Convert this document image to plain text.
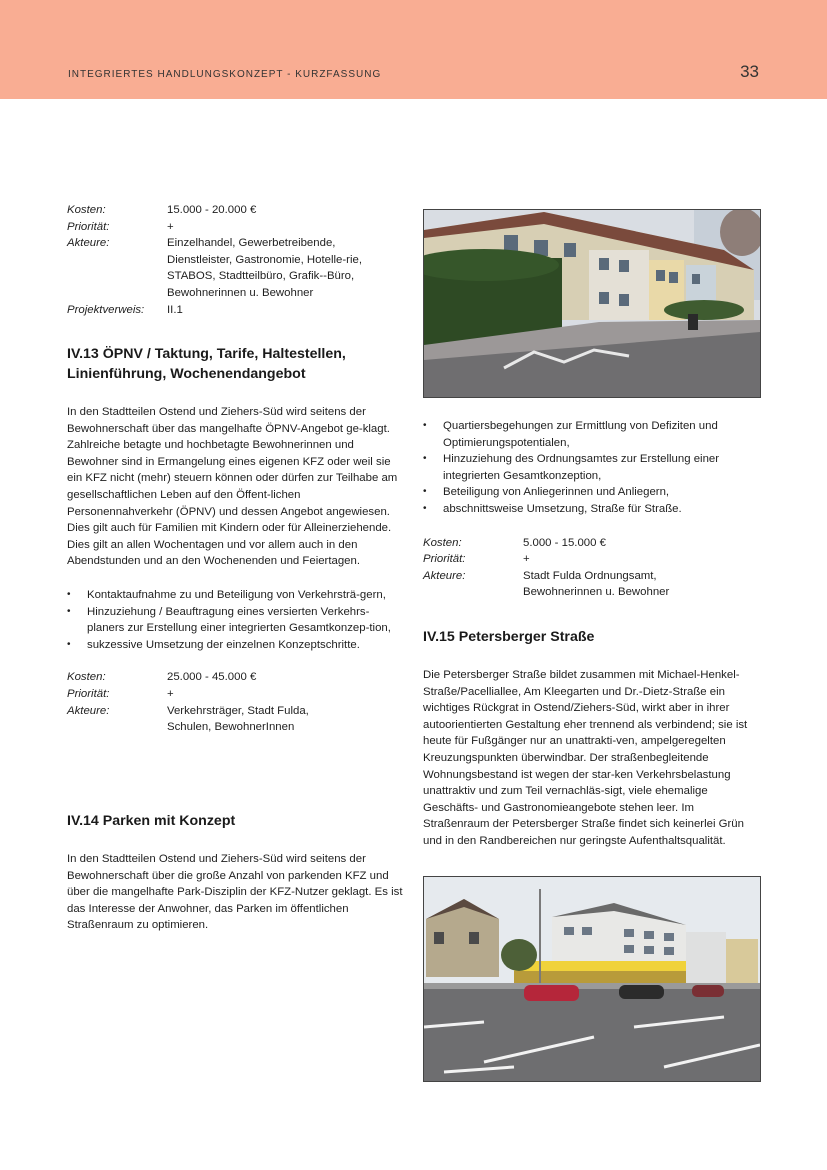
INTEGRIERTES HANDLUNGSKONZEPT - KURZFASSUNG	33
Kosten:	15.000 - 20.000 €
Priorität:	+
Akteure:	Einzelhandel, Gewerbetreibende, Dienstleister, Gastronomie, Hotelle-rie, STABOS, Stadtteilbüro, Grafik--Büro, Bewohnerinnen u. Bewohner
Projektverweis:	II.1
IV.13 ÖPNV / Taktung, Tarife, Haltestellen, Linienführung, Wochenendangebot

In den Stadtteilen Ostend und Ziehers-Süd wird seitens der Bewohnerschaft über das mangelhafte ÖPNV-Angebot ge-klagt. Zahlreiche betagte und hochbetagte Bewohnerinnen und Bewohner sind in Ermangelung eines eigenen KFZ oder weil sie ein KFZ nicht (mehr) steuern können oder dürfen zur Teilhabe am gesellschaftlichen Leben auf den Öffent-lichen Personennahverkehr (ÖPNV) und dessen Angebot angewiesen. Dies gilt auch für Familien mit Kindern oder für Alleinerziehende. Dies gilt an allen Wochentagen und vor allem auch in den Abendstunden und an den Wochenenden und Feiertagen.

• Kontaktaufnahme zu und Beteiligung von Verkehrsträ-gern,
• Hinzuziehung / Beauftragung eines versierten Verkehrs-planers zur Erstellung einer integrierten Gesamtkonzep-tion,
• sukzessive Umsetzung der einzelnen Konzeptschritte.
Kosten:	25.000 - 45.000 €
Priorität:	+
Akteure:	Verkehrsträger, Stadt Fulda, Schulen, BewohnerInnen
IV.14 Parken mit Konzept

In den Stadtteilen Ostend und Ziehers-Süd wird seitens der Bewohnerschaft über die große Anzahl von parkenden KFZ und über die mangelhafte Park-Disziplin der KFZ-Nutzer geklagt. Es ist das Interesse der Anwohner, das Parken im öffentlichen Straßenraum zu optimieren.

• Quartiersbegehungen zur Ermittlung von Defiziten und Optimierungspotentialen,
• Hinzuziehung des Ordnungsamtes zur Erstellung einer integrierten Gesamtkonzeption,
• Beteiligung von Anliegerinnen und Anliegern,
• abschnittsweise Umsetzung, Straße für Straße.
Kosten:	5.000 - 15.000 €
Priorität:	+
Akteure:	Stadt Fulda Ordnungsamt, Bewohnerinnen u. Bewohner
IV.15 Petersberger Straße

Die Petersberger Straße bildet zusammen mit Michael-Henkel-Straße/Pacelliallee, Am Kleegarten und Dr.-Dietz-Straße ein wichtiges Rückgrat in Ostend/Ziehers-Süd, wirkt aber in ihrer autoorientierten Gestaltung eher trennend als verbindend; sie ist heute für Fußgänger nur an unattrakti-ven, ampelgeregelten Kreuzungspunkten überwindbar. Der straßenbegleitende Wohnungsbestand ist wegen der star-ken Verkehrsbelastung unattraktiv und zum Teil vernachläs-sigt, viele ehemalige Geschäfts- und Gastronomieangebote stehen leer. Im Straßenraum der Petersberger Straße findet sich keinerlei Grün und in den Randbereichen nur geringste Aufenthaltsqualität.
